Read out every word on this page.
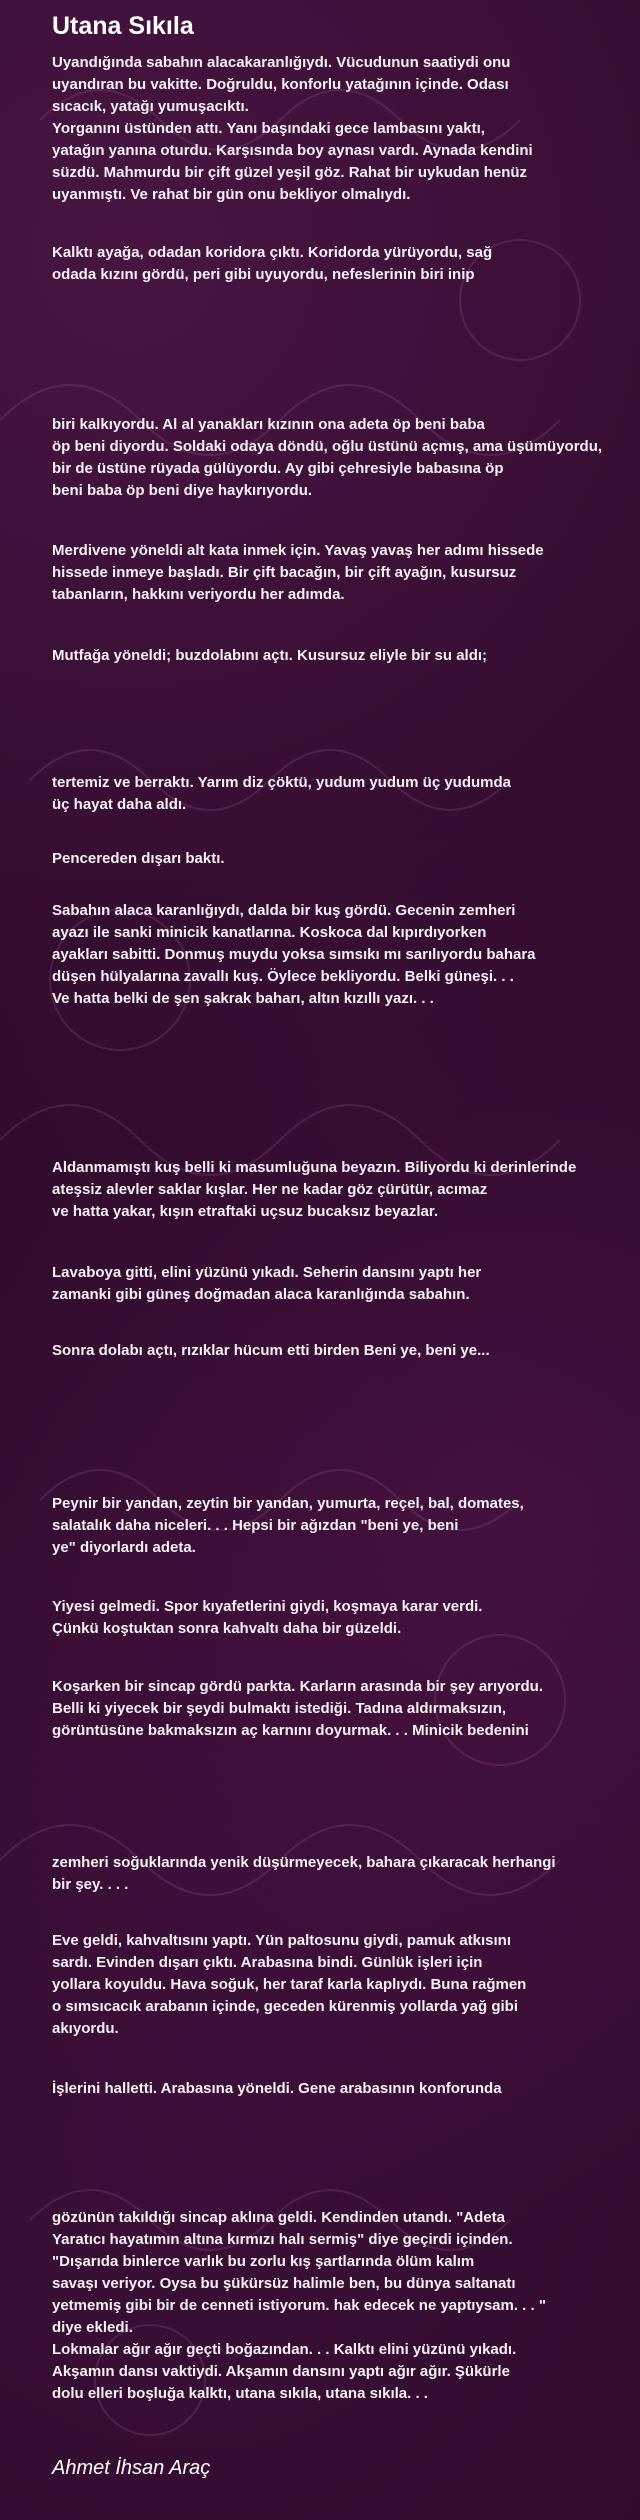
Utana Sıkıla
Uyandığında sabahın alacakaranlığıydı. Vücudunun saatiydi onu
uyandıran bu vakitte. Doğruldu, konforlu yatağının içinde. Odası
sıcacık, yatağı yumuşacıktı.
Yorganını üstünden attı. Yanı başındaki gece lambasını yaktı,
yatağın yanına oturdu. Karşısında boy aynası vardı. Aynada kendini
süzdü. Mahmurdu bir çift güzel yeşil göz. Rahat bir uykudan henüz
uyanmıştı. Ve rahat bir gün onu bekliyor olmalıydı.
Kalktı ayağa, odadan koridora çıktı. Koridorda yürüyordu, sağ
odada kızını gördü, peri gibi uyuyordu, nefeslerinin biri inip
biri kalkıyordu. Al al yanakları kızının ona adeta öp beni baba
öp beni diyordu. Soldaki odaya döndü, oğlu üstünü açmış, ama üşümüyordu,
bir de üstüne rüyada gülüyordu. Ay gibi çehresiyle babasına öp
beni baba öp beni diye haykırıyordu.
Merdivene yöneldi alt kata inmek için. Yavaş yavaş her adımı hissede
hissede inmeye başladı. Bir çift bacağın, bir çift ayağın, kusursuz
tabanların, hakkını veriyordu her adımda.
Mutfağa yöneldi; buzdolabını açtı. Kusursuz eliyle bir su aldı;
tertemiz ve berraktı. Yarım diz çöktü, yudum yudum üç yudumda
üç hayat daha aldı.
Pencereden dışarı baktı.
Sabahın alaca karanlığıydı, dalda bir kuş gördü. Gecenin zemheri
ayazı ile sanki minicik kanatlarına. Koskoca dal kıpırdıyorken
ayakları sabitti. Donmuş muydu yoksa sımsıkı mı sarılıyordu bahara
düşen hülyalarına zavallı kuş. Öylece bekliyordu. Belki güneşi. . .
Ve hatta belki de şen şakrak baharı, altın kızıllı yazı. . .
Aldanmamıştı kuş belli ki masumluğuna beyazın. Biliyordu ki derinlerinde
ateşsiz alevler saklar kışlar. Her ne kadar göz çürütür, acımaz
ve hatta yakar, kışın etraftaki uçsuz bucaksız beyazlar.
Lavaboya gitti, elini yüzünü yıkadı. Seherin dansını yaptı her
zamanki gibi güneş doğmadan alaca karanlığında sabahın.
Sonra dolabı açtı, rızıklar hücum etti birden Beni ye, beni ye...
Peynir bir yandan, zeytin bir yandan, yumurta, reçel, bal, domates,
salatalık daha niceleri. . . Hepsi bir ağızdan "beni ye, beni
ye" diyorlardı adeta.
Yiyesi gelmedi. Spor kıyafetlerini giydi, koşmaya karar verdi.
Çünkü koştuktan sonra kahvaltı daha bir güzeldi.
Koşarken bir sincap gördü parkta. Karların arasında bir şey arıyordu.
Belli ki yiyecek bir şeydi bulmaktı istediği. Tadına aldırmaksızın,
görüntüsüne bakmaksızın aç karnını doyurmak. . . Minicik bedenini
zemheri soğuklarında yenik düşürmeyecek, bahara çıkaracak herhangi
bir şey. . . .
Eve geldi, kahvaltısını yaptı. Yün paltosunu giydi, pamuk atkısını
sardı. Evinden dışarı çıktı. Arabasına bindi. Günlük işleri için
yollara koyuldu. Hava soğuk, her taraf karla kaplıydı. Buna rağmen
o sımsıcacık arabanın içinde, geceden kürenmiş yollarda yağ gibi
akıyordu.
İşlerini halletti. Arabasına yöneldi. Gene arabasının konforunda
gözünün takıldığı sincap aklına geldi. Kendinden utandı. "Adeta
Yaratıcı hayatımın altına kırmızı halı sermiş" diye geçirdi içinden.
"Dışarıda binlerce varlık bu zorlu kış şartlarında ölüm kalım
savaşı veriyor. Oysa bu şükürsüz halimle ben, bu dünya saltanatı
yetmemiş gibi bir de cenneti istiyorum. hak edecek ne yaptıysam. . . "
diye ekledi.
Lokmalar ağır ağır geçti boğazından. . . Kalktı elini yüzünü yıkadı.
Akşamın dansı vaktiydi. Akşamın dansını yaptı ağır ağır. Şükürle
dolu elleri boşluğa kalktı, utana sıkıla, utana sıkıla. . .
Ahmet İhsan Araç
